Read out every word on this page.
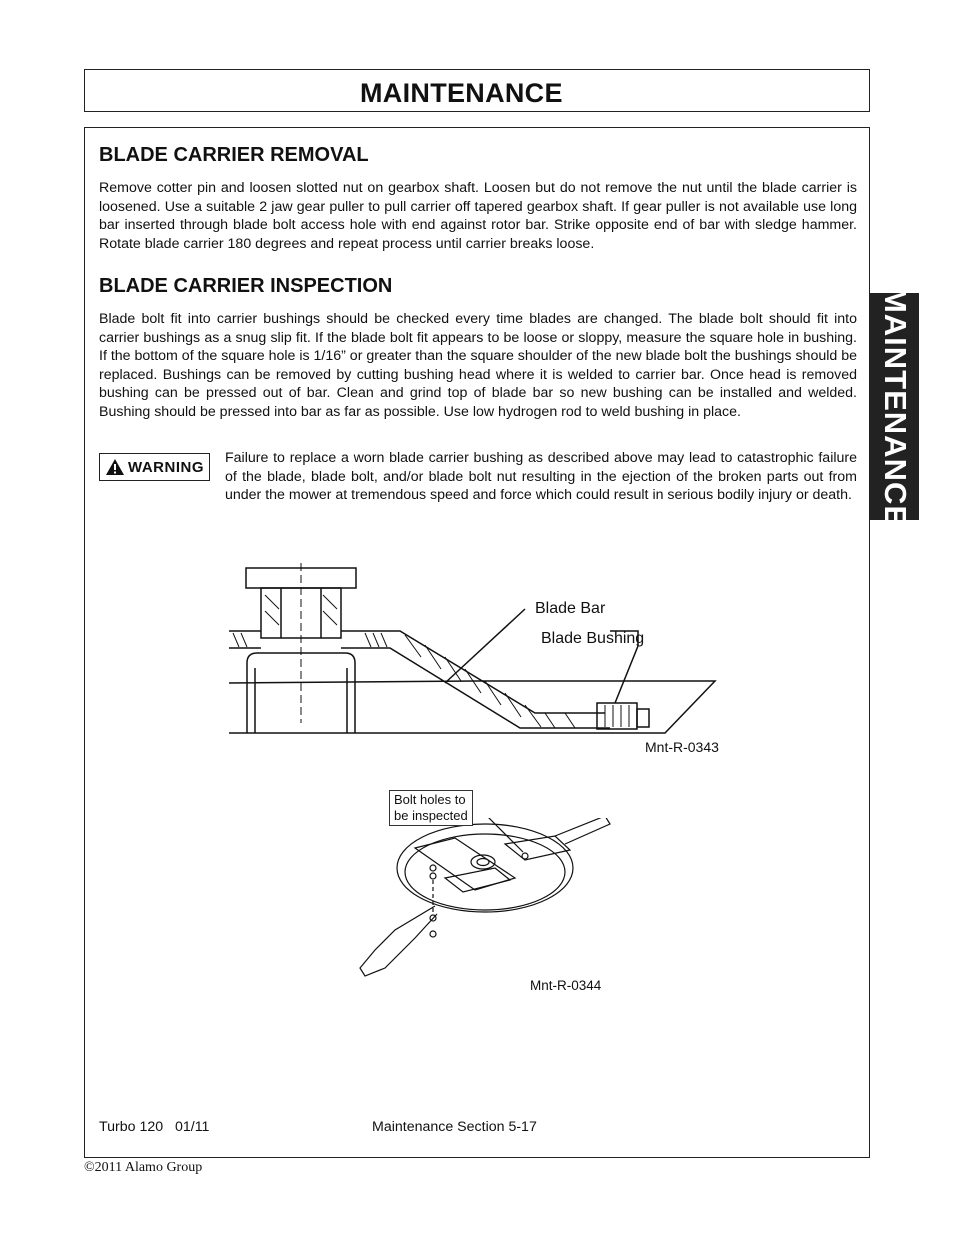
MAINTENANCE
BLADE CARRIER REMOVAL

Remove cotter pin and loosen slotted nut on gearbox shaft. Loosen but do not remove the nut until the blade carrier is loosened. Use a suitable 2 jaw gear puller to pull carrier off tapered gearbox shaft. If gear puller is not available use long bar inserted through blade bolt access hole with end against rotor bar. Strike opposite end of bar with sledge hammer. Rotate blade carrier 180 degrees and repeat process until carrier breaks loose.

BLADE CARRIER INSPECTION

Blade bolt fit into carrier bushings should be checked every time blades are changed. The blade bolt should fit into carrier bushings as a snug slip fit. If the blade bolt fit appears to be loose or sloppy, measure the square hole in bushing. If the bottom of the square hole is 1/16” or greater than the square shoulder of the new blade bolt the bushings should be replaced. Bushings can be removed by cutting bushing head where it is welded to carrier bar. Once head is removed bushing can be pressed out of bar. Clean and grind top of blade bar so new bushing can be installed and welded. Bushing should be pressed into bar as far as possible. Use low hydrogen rod to weld bushing in place.

WARNING

Failure to replace a worn blade carrier bushing as described above may lead to catastrophic failure of the blade, blade bolt, and/or blade bolt nut resulting in the ejection of the broken parts out from under the mower at tremendous speed and force which could result in serious bodily injury or death.

Blade Bar
Blade Bushing
Mnt-R-0343
Bolt holes to
be inspected
Mnt-R-0344
Turbo 120   01/11	Maintenance Section 5-17
MAINTENANCE
©2011 Alamo Group
